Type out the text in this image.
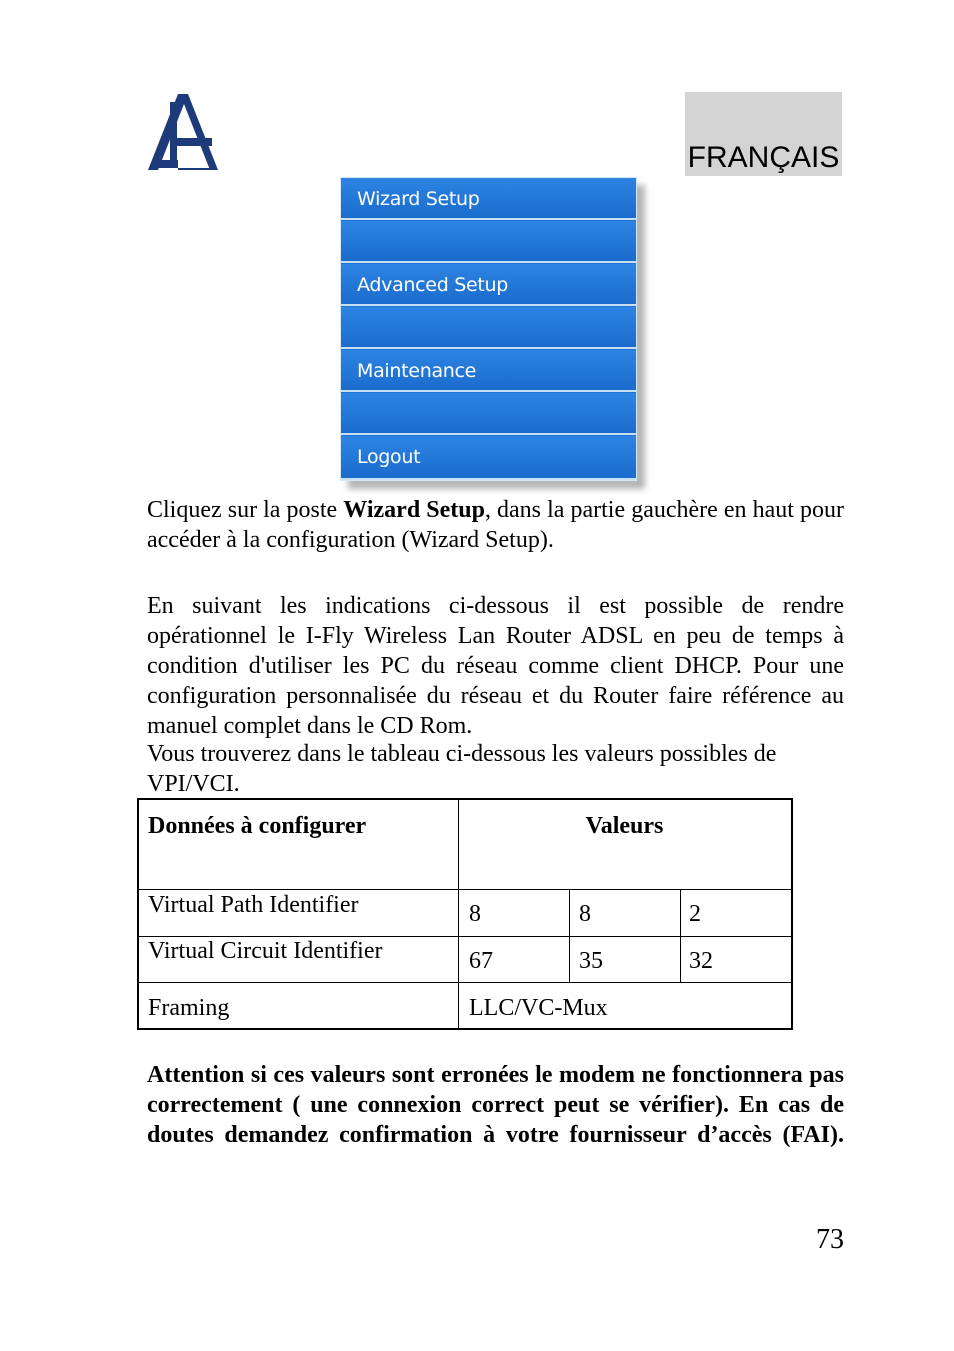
FRANÇAIS
Wizard Setup
Advanced Setup
Maintenance
Logout

Cliquez sur la poste Wizard Setup, dans la partie gauchère en haut pour accéder à la configuration (Wizard Setup).

En suivant les indications ci-dessous il est possible de rendre opérationnel le I-Fly Wireless Lan Router ADSL en peu de temps à condition d'utiliser les PC du réseau comme client DHCP. Pour une configuration personnalisée du réseau et du Router faire référence au manuel complet dans le CD Rom.

Vous trouverez dans le tableau ci-dessous les valeurs possibles de VPI/VCI.

Données à configurer	Valeurs
Virtual Path Identifier	8	8	2
Virtual Circuit Identifier	67	35	32
Framing	LLC/VC-Mux

Attention si ces valeurs sont erronées le modem ne fonctionnera pas correctement ( une connexion correct peut se vérifier). En cas de doutes demandez confirmation à votre fournisseur d’accès (FAI).

73
